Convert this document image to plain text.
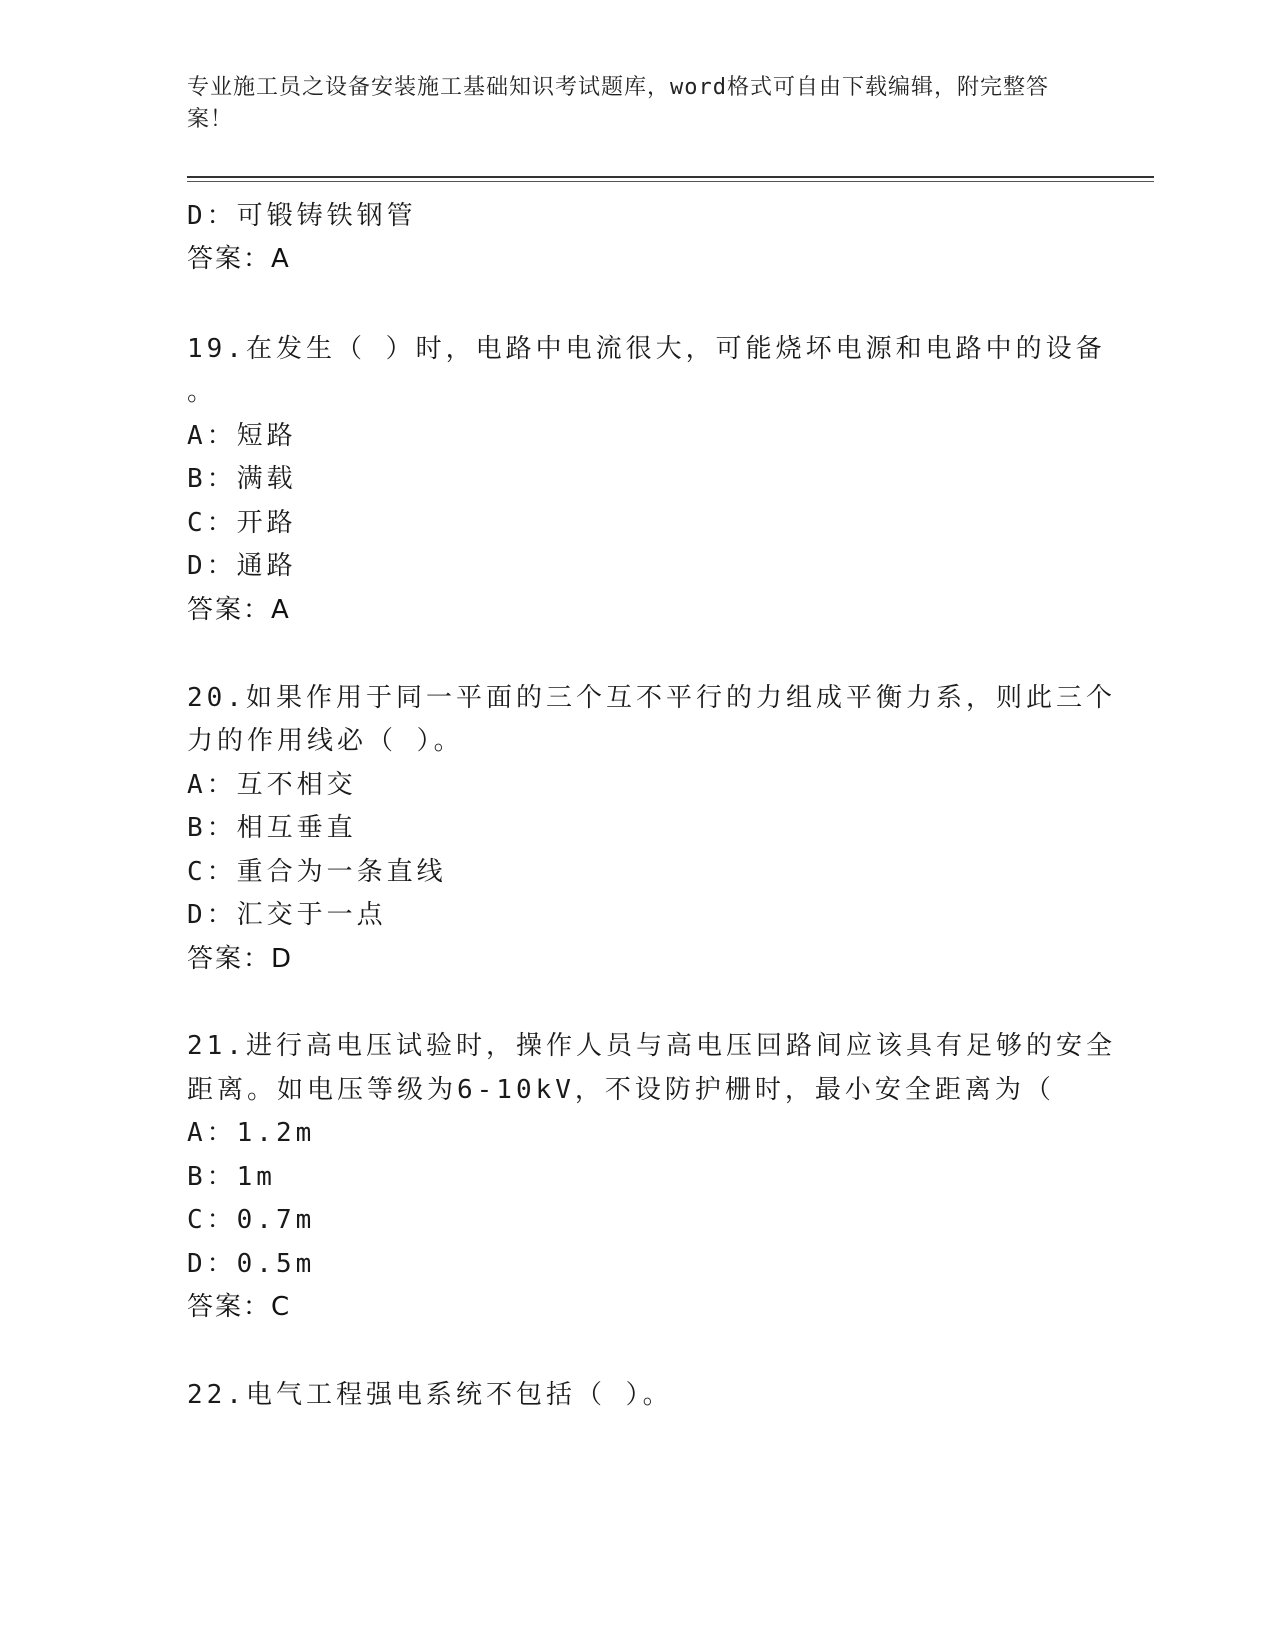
专业施工员之设备安装施工基础知识考试题库，word格式可自由下载编辑，附完整答案！
D：可锻铸铁钢管
答案：A
19.在发生（ ）时，电路中电流很大，可能烧坏电源和电路中的设备
。
A：短路
B：满载
C：开路
D：通路
答案：A
20.如果作用于同一平面的三个互不平行的力组成平衡力系，则此三个
力的作用线必（ ）。
A：互不相交
B：相互垂直
C：重合为一条直线
D：汇交于一点
答案：D
21.进行高电压试验时，操作人员与高电压回路间应该具有足够的安全
距离。如电压等级为6-10kV，不设防护栅时，最小安全距离为（
A：1.2m
B：1m
C：0.7m
D：0.5m
答案：C
22.电气工程强电系统不包括（ ）。
